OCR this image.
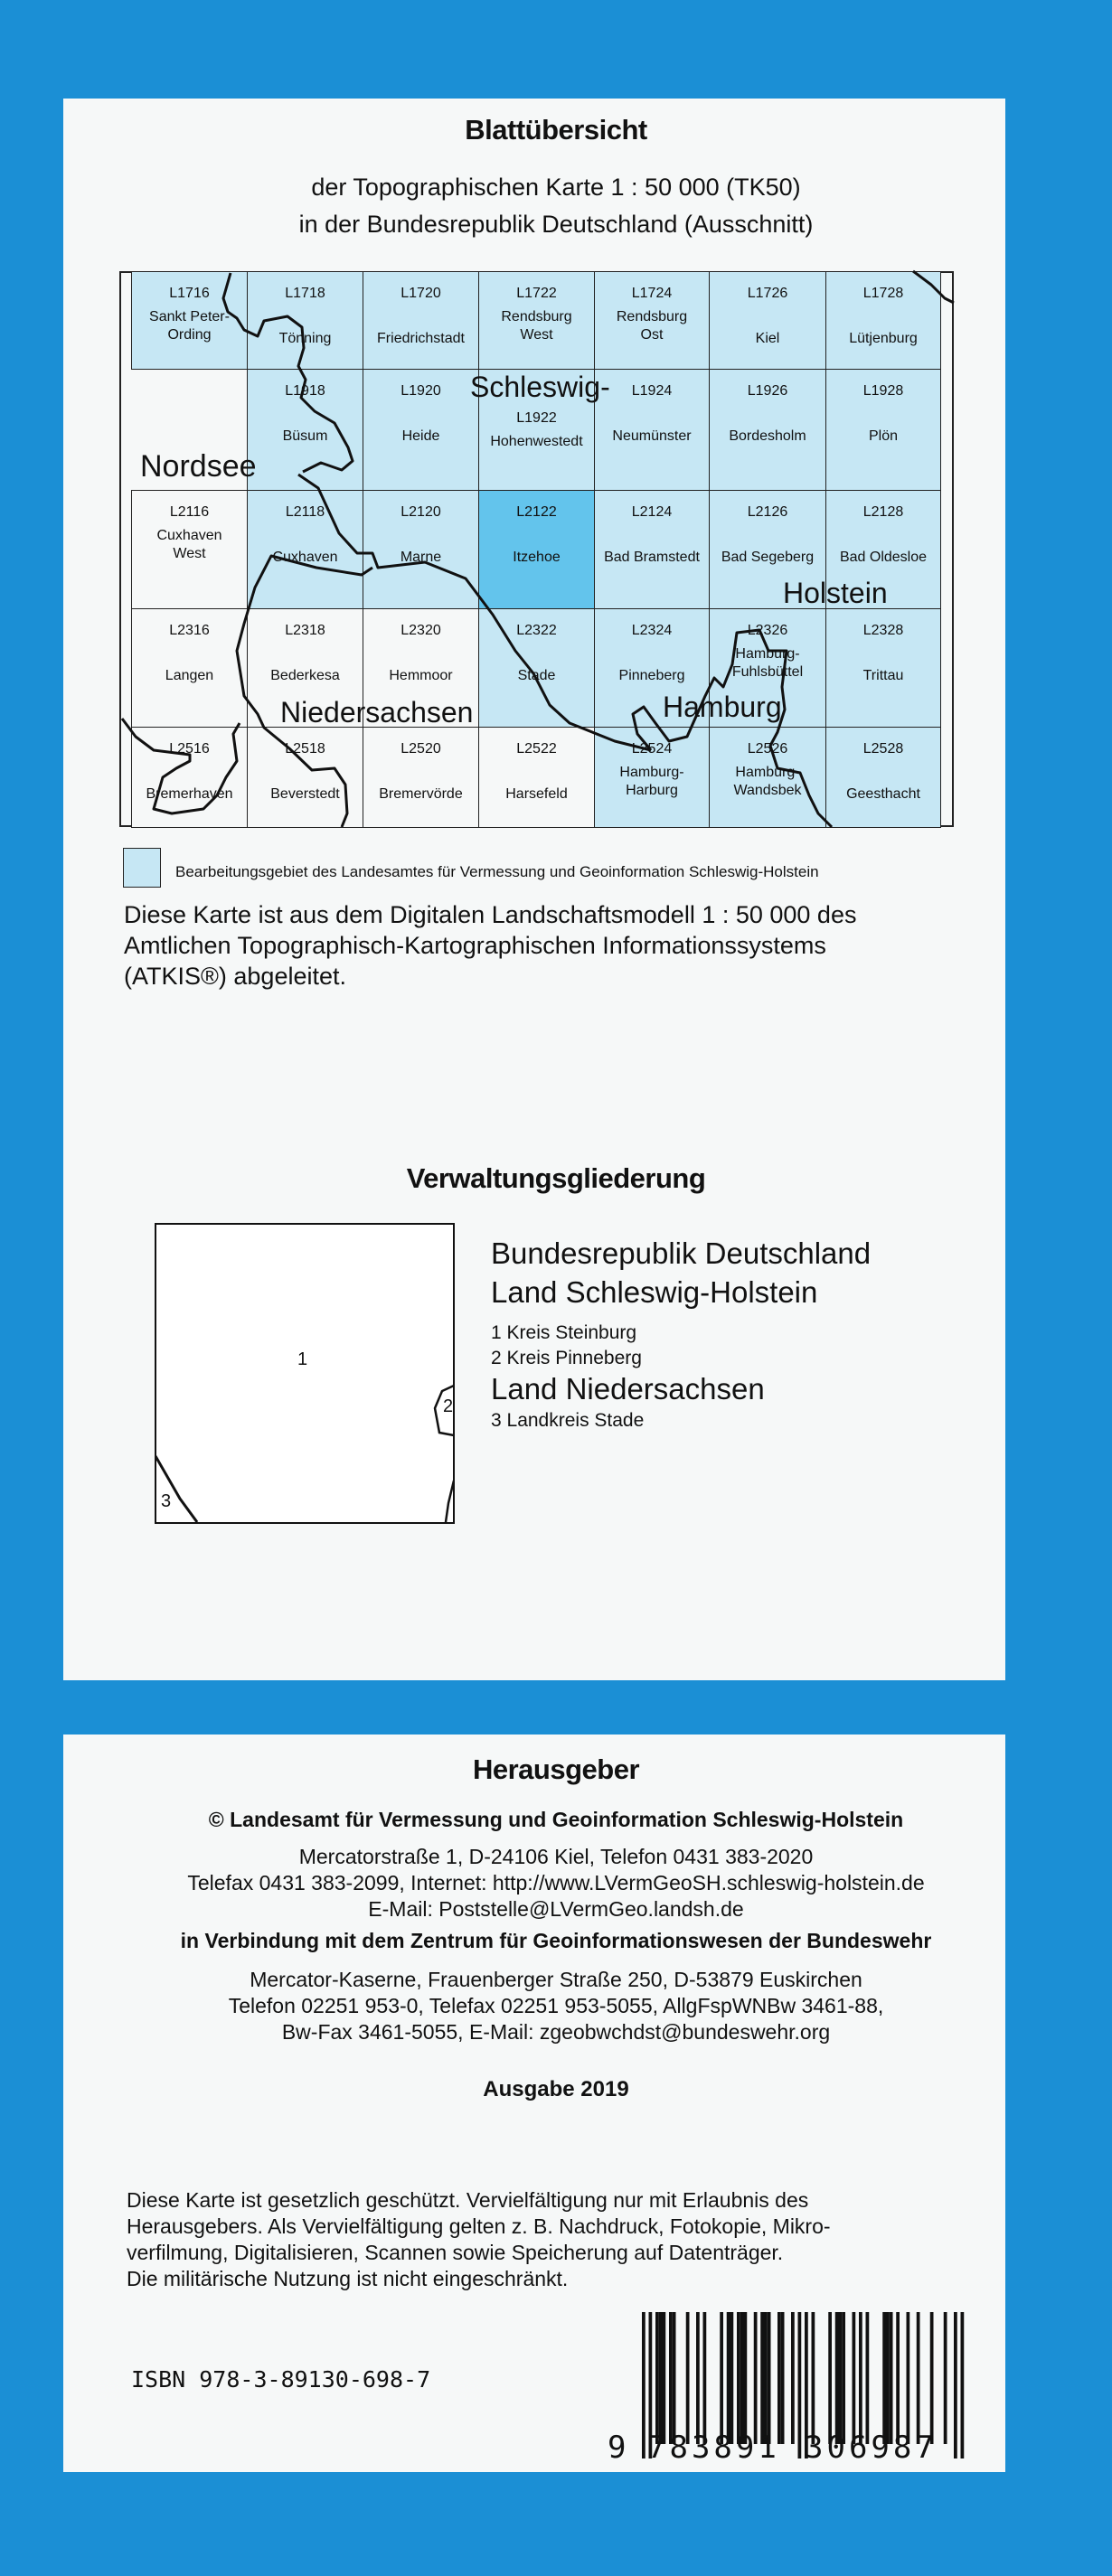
Blattübersicht
der Topographischen Karte 1 : 50 000 (TK50)
in der Bundesrepublik Deutschland (Ausschnitt)
L1716
Sankt Peter-
Ording
L1718
Tönning
L1720
Friedrichstadt
L1722
Rendsburg
West
L1724
Rendsburg
Ost
L1726
Kiel
L1728
Lütjenburg
L1918
Büsum
L1920
Heide
L1922
Hohenwestedt
L1924
Neumünster
L1926
Bordesholm
L1928
Plön
L2116
Cuxhaven
West
L2118
Cuxhaven
L2120
Marne
L2122
Itzehoe
L2124
Bad Bramstedt
L2126
Bad Segeberg
L2128
Bad Oldesloe
L2316
Langen
L2318
Bederkesa
L2320
Hemmoor
L2322
Stade
L2324
Pinneberg
L2326
Hamburg-
Fuhlsbüttel
L2328
Trittau
L2516
Bremerhaven
L2518
Beverstedt
L2520
Bremervörde
L2522
Harsefeld
L2524
Hamburg-
Harburg
L2526
Hamburg-
Wandsbek
L2528
Geesthacht
Nordsee
Schleswig-
Holstein
Niedersachsen	Hamburg
Bearbeitungsgebiet des Landesamtes für Vermessung und Geoinformation Schleswig-Holstein
Diese Karte ist aus dem Digitalen Landschaftsmodell 1 : 50 000 des
Amtlichen Topographisch-Kartographischen Informationssystems
(ATKIS®) abgeleitet.
Verwaltungsgliederung
1
2
3
Bundesrepublik Deutschland
Land Schleswig-Holstein
1 Kreis Steinburg
2 Kreis Pinneberg
Land Niedersachsen
3 Landkreis Stade
Herausgeber
© Landesamt für Vermessung und Geoinformation Schleswig-Holstein
Mercatorstraße 1, D-24106 Kiel, Telefon 0431 383-2020
Telefax 0431 383-2099, Internet: http://www.LVermGeoSH.schleswig-holstein.de
E-Mail: Poststelle@LVermGeo.landsh.de
in Verbindung mit dem Zentrum für Geoinformationswesen der Bundeswehr
Mercator-Kaserne, Frauenberger Straße 250, D-53879 Euskirchen
Telefon 02251 953-0, Telefax 02251 953-5055, AllgFspWNBw 3461-88,
Bw-Fax 3461-5055, E-Mail: zgeobwchdst@bundeswehr.org
Ausgabe 2019
Diese Karte ist gesetzlich geschützt. Vervielfältigung nur mit Erlaubnis des
Herausgebers. Als Vervielfältigung gelten z. B. Nachdruck, Fotokopie, Mikro-
verfilmung, Digitalisieren, Scannen sowie Speicherung auf Datenträger.
Die militärische Nutzung ist nicht eingeschränkt.
ISBN 978-3-89130-698-7
9 783891 306987
